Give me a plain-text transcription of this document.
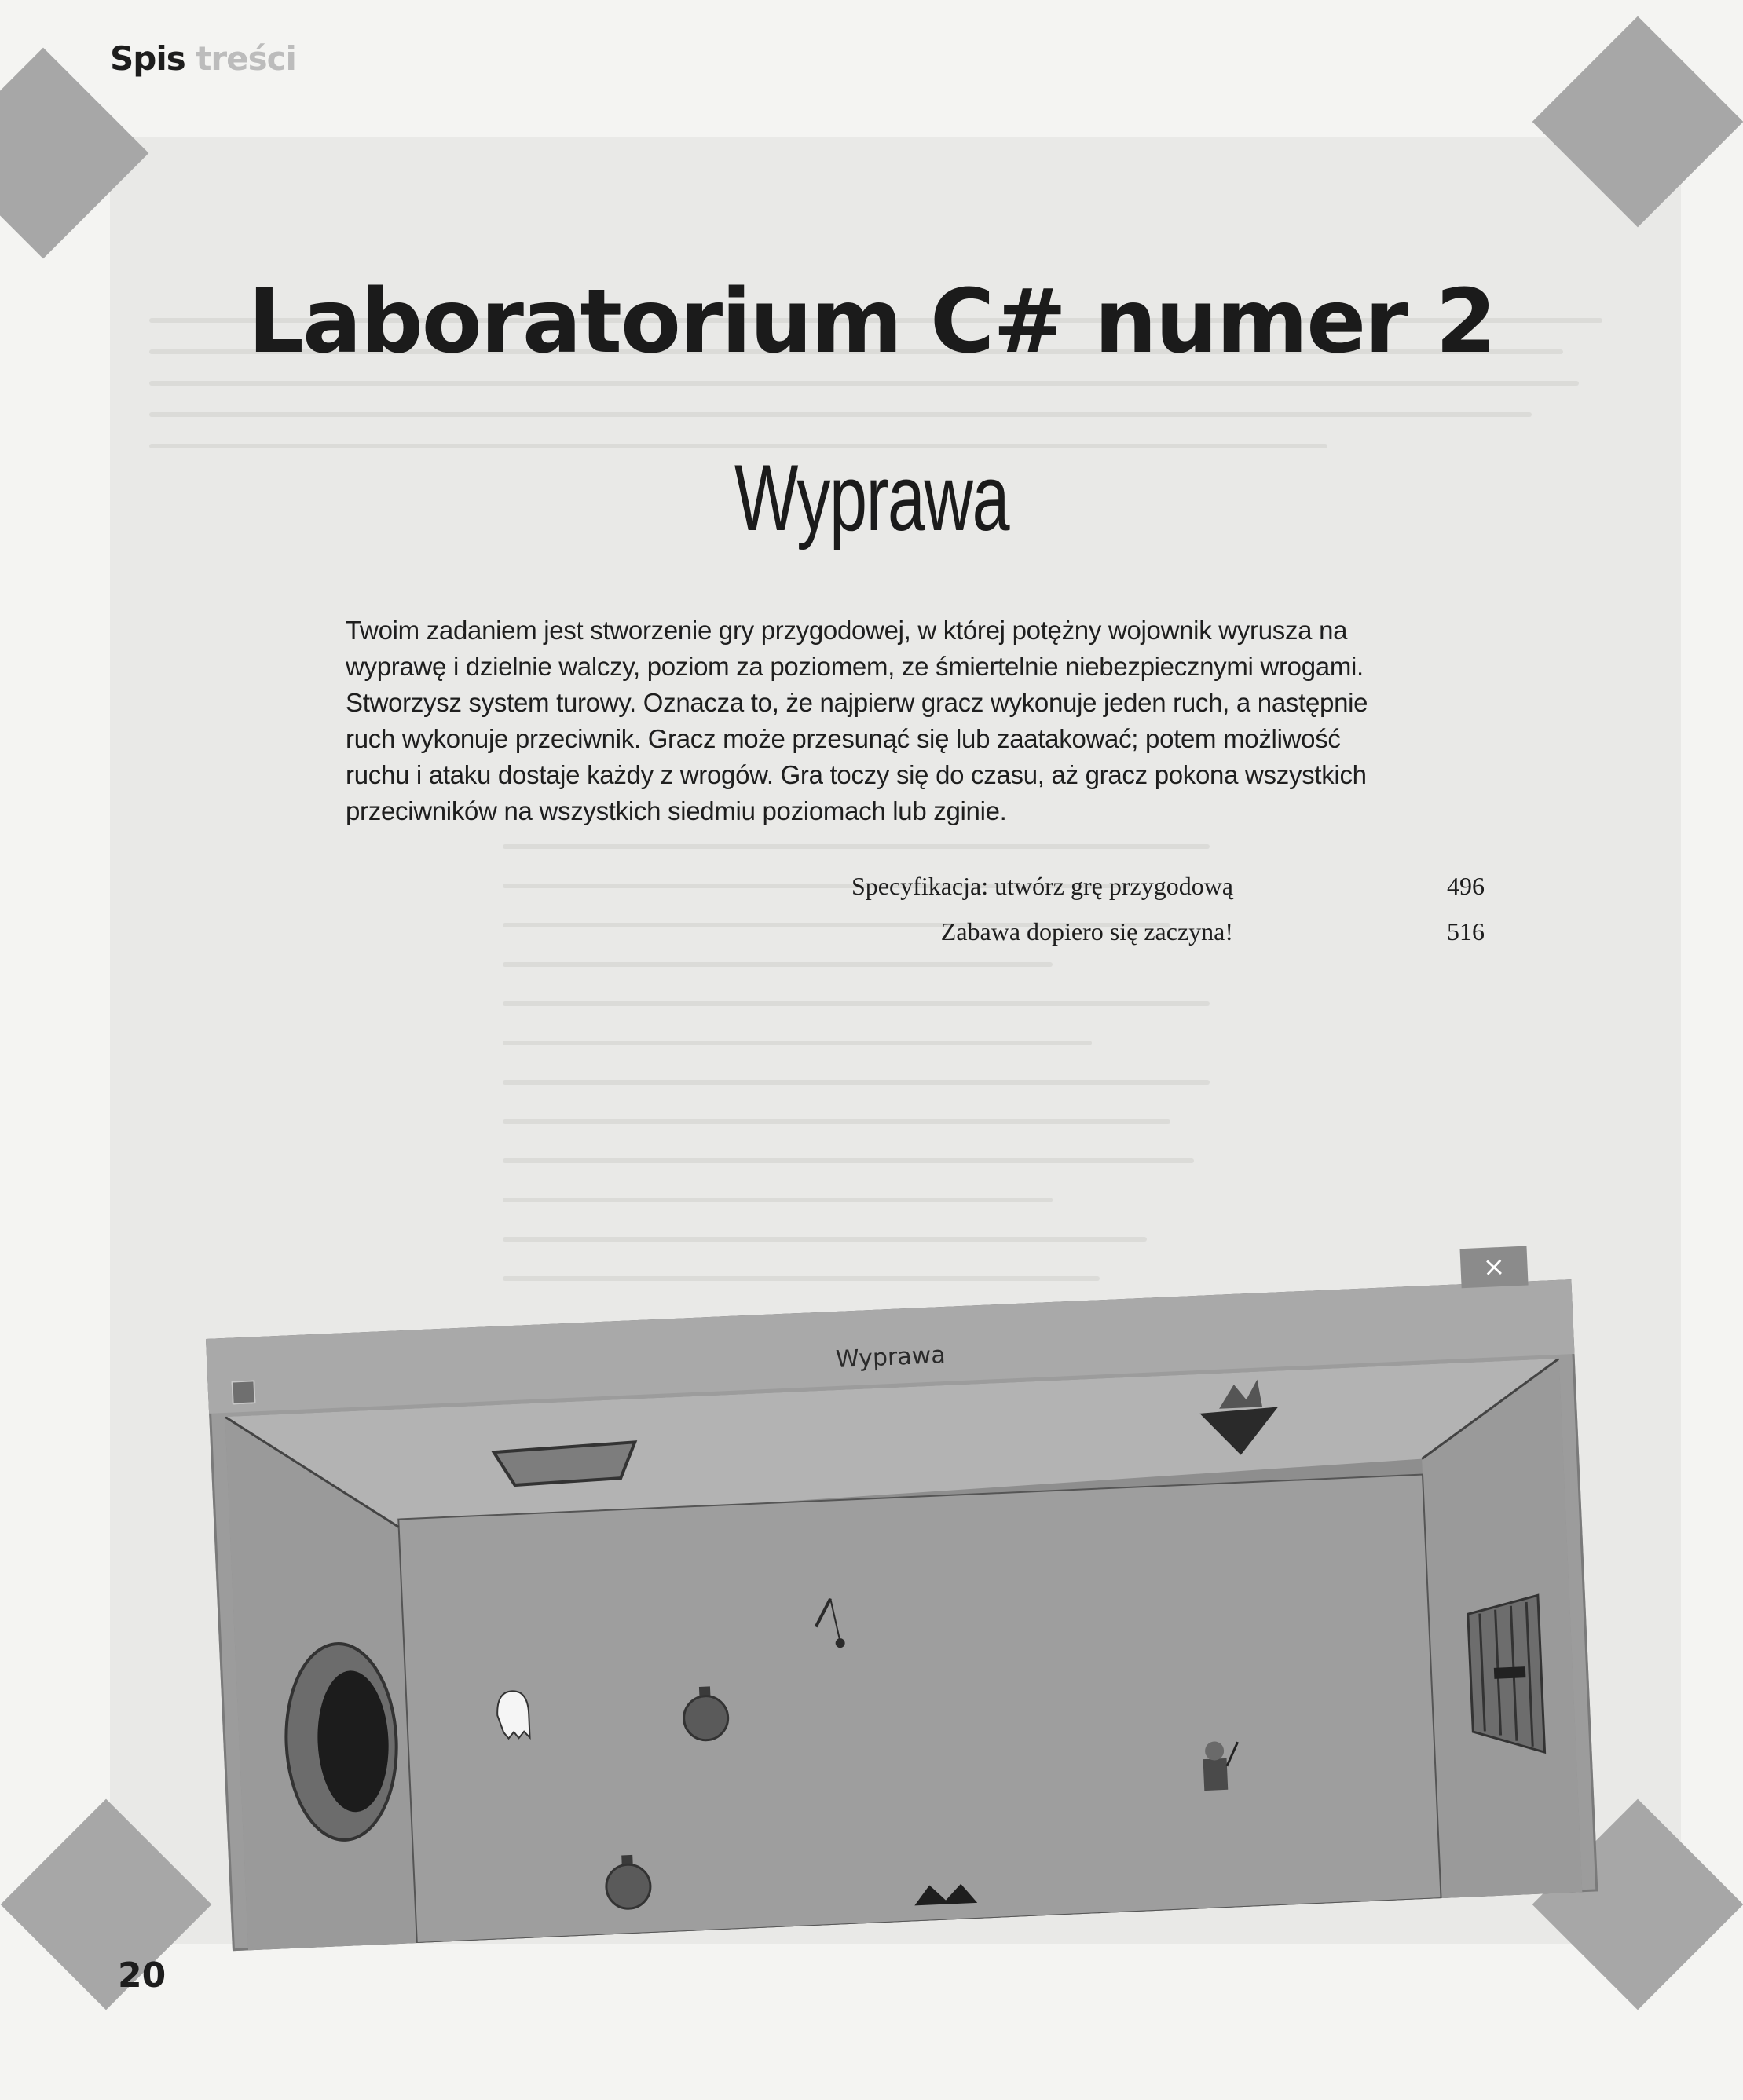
Spis treści
Laboratorium C# numer 2
Wyprawa
Twoim zadaniem jest stworzenie gry przygodowej, w której potężny wojownik wyrusza na
wyprawę i dzielnie walczy, poziom za poziomem, ze śmiertelnie niebezpiecznymi wrogami.
Stworzysz system turowy. Oznacza to, że najpierw gracz wykonuje jeden ruch, a następnie
ruch wykonuje przeciwnik. Gracz może przesunąć się lub zaatakować; potem możliwość
ruchu i ataku dostaje każdy z wrogów. Gra toczy się do czasu, aż gracz pokona wszystkich
przeciwników na wszystkich siedmiu poziomach lub zginie.
Specyfikacja: utwórz grę przygodową	496
Zabawa dopiero się zaczyna!	516
Wyprawa
×
20
